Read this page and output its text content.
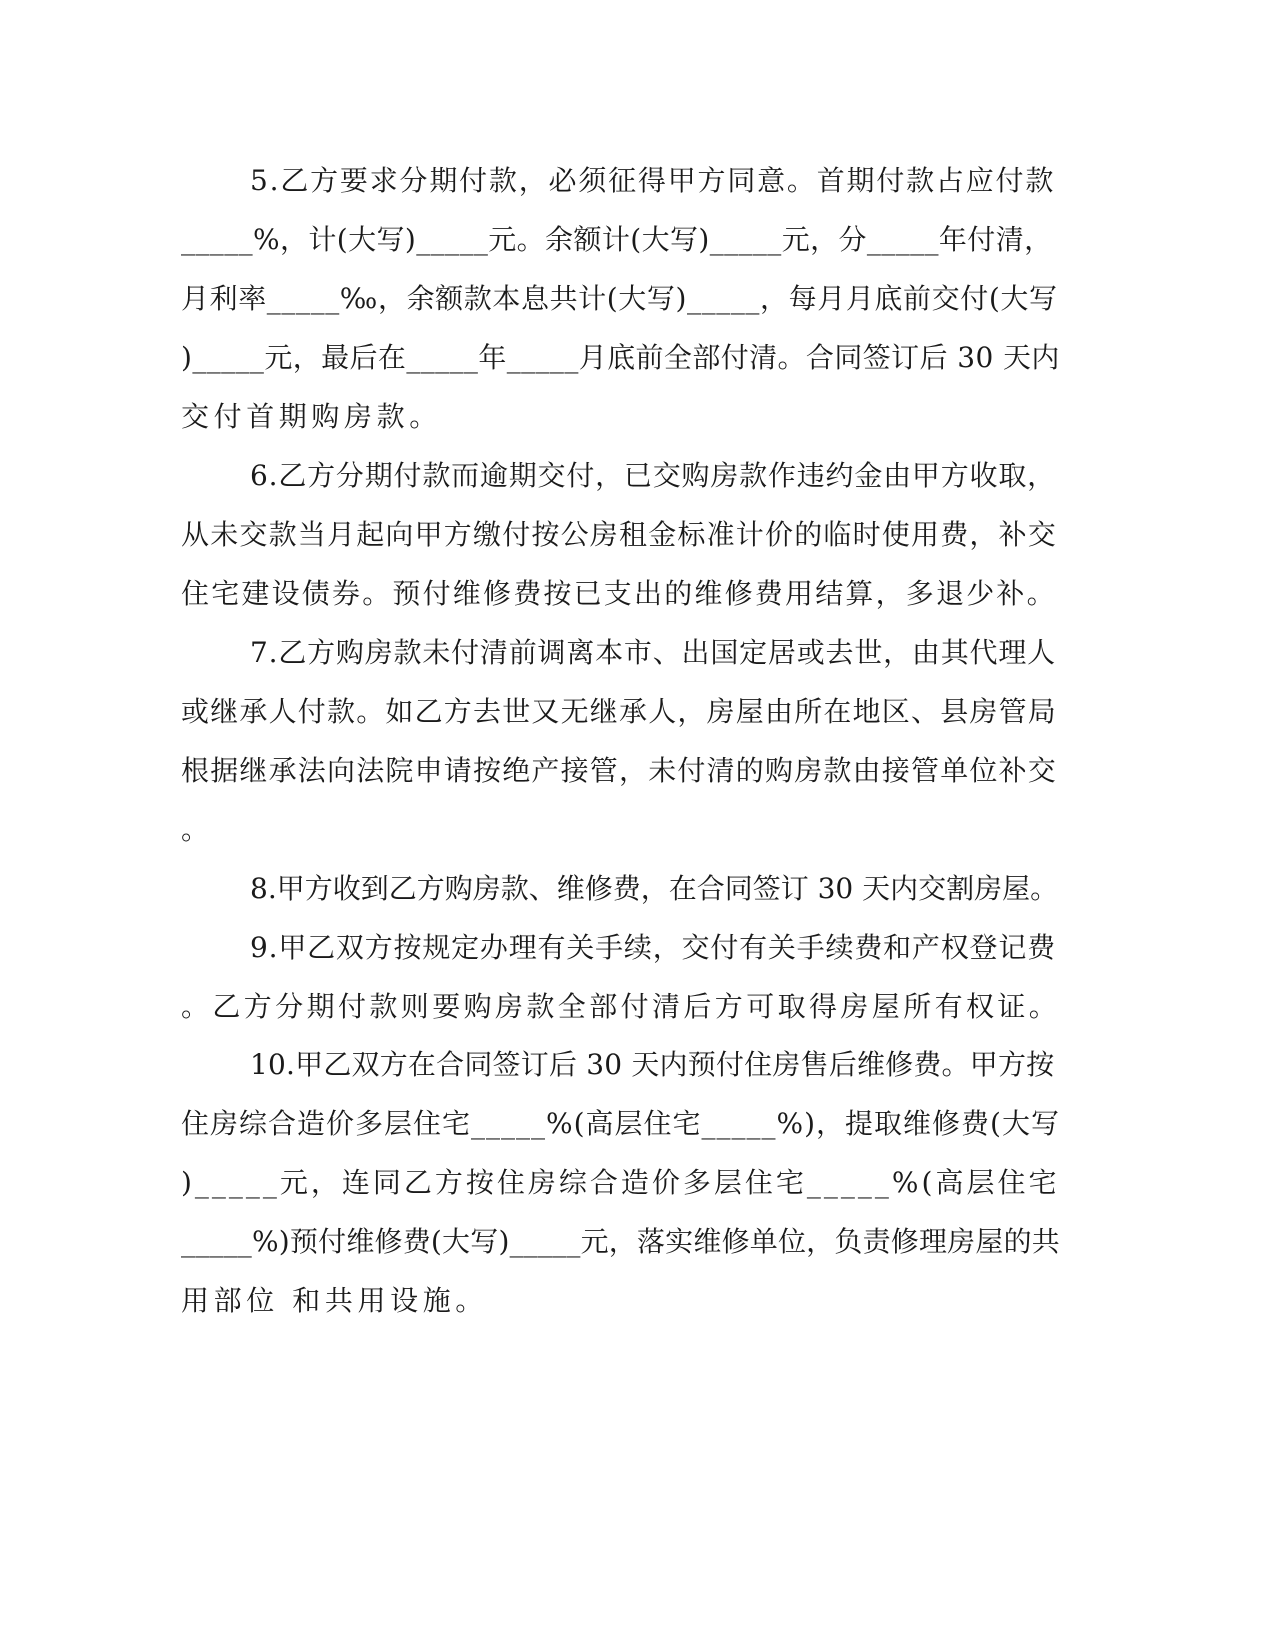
5.乙方要求分期付款，必须征得甲方同意。首期付款占应付款
_____%，计(大写)_____元。余额计(大写)_____元，分_____年付清，
月利率_____‰，余额款本息共计(大写)_____，每月月底前交付(大写
)_____元，最后在_____年_____月底前全部付清。合同签订后 30 天内
交付首期购房款。
6.乙方分期付款而逾期交付，已交购房款作违约金由甲方收取，
从未交款当月起向甲方缴付按公房租金标准计价的临时使用费，补交
住宅建设债券。预付维修费按已支出的维修费用结算，多退少补。
7.乙方购房款未付清前调离本市、出国定居或去世，由其代理人
或继承人付款。如乙方去世又无继承人，房屋由所在地区、县房管局
根据继承法向法院申请按绝产接管，未付清的购房款由接管单位补交
。
8.甲方收到乙方购房款、维修费，在合同签订 30 天内交割房屋。
9.甲乙双方按规定办理有关手续，交付有关手续费和产权登记费
。乙方分期付款则要购房款全部付清后方可取得房屋所有权证。
10.甲乙双方在合同签订后 30 天内预付住房售后维修费。甲方按
住房综合造价多层住宅_____%(高层住宅_____%)，提取维修费(大写
)_____元，连同乙方按住房综合造价多层住宅_____%(高层住宅
_____%)预付维修费(大写)_____元，落实维修单位，负责修理房屋的共
用部位 和共用设施。
